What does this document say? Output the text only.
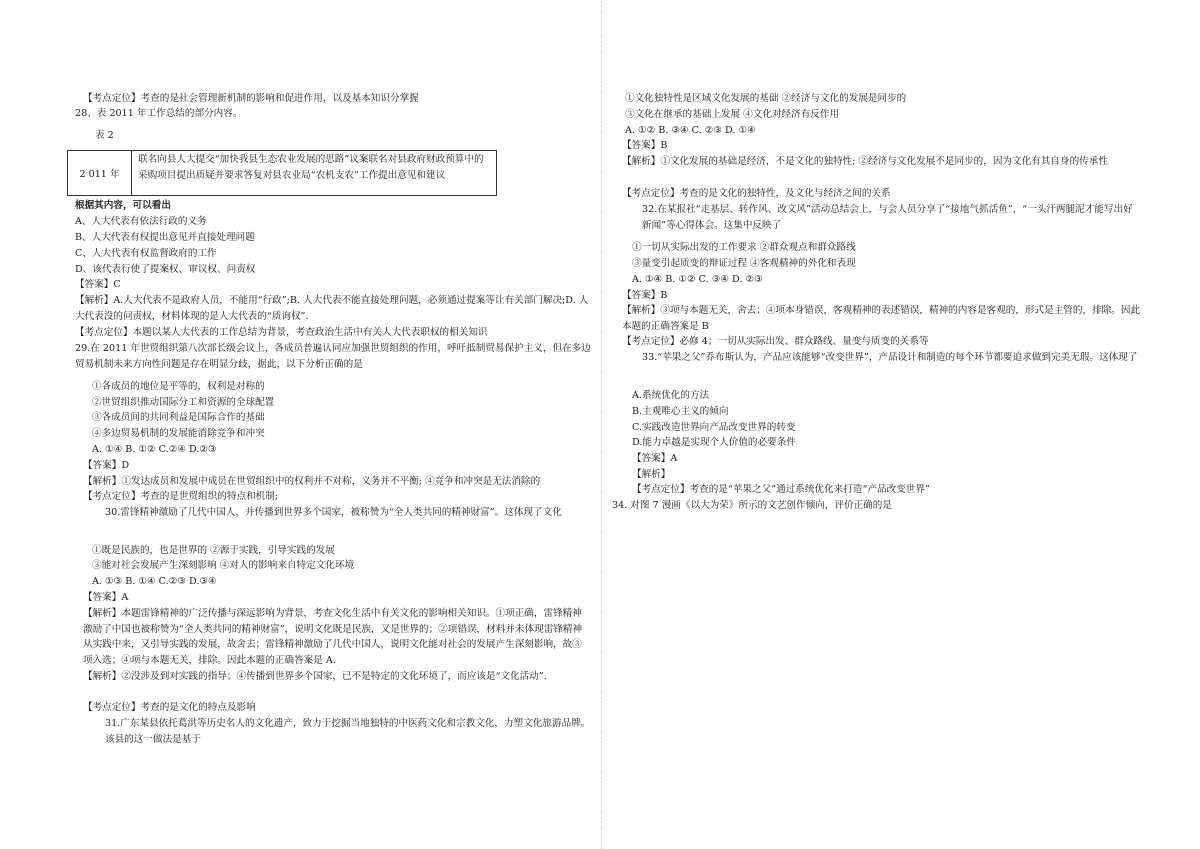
【考点定位】考查的是社会管理新机制的影响和促进作用，以及基本知识分掌握
28、表 2011 年工作总结的部分内容。
表 2
2 011 年
联名向县人大提交“加快我县生态农业发展的思路”议案联名对县政府财政预算中的采购项目提出质疑并要求答复对县农业局“农机支农”工作提出意见和建议
根据其内容，可以看出
A、人大代表有依法行政的义务
B、人大代表有权提出意见并直接处理问题
C、人大代表有权监督政府的工作
D、该代表行使了提案权、审议权、问责权
【答案】C
【解析】A.人大代表不是政府人员，不能用“行政”;B. 人大代表不能直接处理问题，必须通过提案等让有关部门解决;D. 人大代表没的问责权，材料体现的是人大代表的“质询权”.
【考点定位】本题以某人大代表的工作总结为背景，考查政治生活中有关人大代表职权的相关知识
29.在 2011 年世贸组织第八次部长级会议上，各成员普遍认同应加强世贸组织的作用，呼吁抵制贸易保护主义，但在多边贸易机制未来方向性问题是存在明显分歧，据此，以下分析正确的是
①各成员的地位是平等的，权利是对称的
②世贸组织推动国际分工和资源的全球配置
③各成员间的共同利益是国际合作的基础
④多边贸易机制的发展能消除竞争和冲突
A. ①④ B. ①② C.②④ D.②③
【答案】D
【解析】①发达成员和发展中成员在世贸组织中的权利并不对称，义务并不平衡; ④竞争和冲突是无法消除的
【考点定位】考查的是世贸组织的特点和机制;
30.雷锋精神激励了几代中国人，并传播到世界多个国家，被称赞为“全人类共同的精神财富”。这体现了文化
①既是民族的，也是世界的 ②源于实践，引导实践的发展
③能对社会发展产生深刻影响 ④对人的影响来自特定文化环境
A. ①③ B. ①④ C.②③ D.③④
【答案】A
【解析】本题雷锋精神的广泛传播与深远影响为背景，考查文化生活中有关文化的影响相关知识。①项正确，雷锋精神激励了中国也被称赞为“全人类共同的精神财富”，说明文化既是民族，又是世界的；②项错误，材料并未体现雷锋精神从实践中来，又引导实践的发展，故舍去；雷锋精神激励了几代中国人，说明文化能对社会的发展产生深刻影响，故③项入选；④项与本题无关，排除。因此本题的正确答案是 A.
【解析】②没涉及到对实践的指导；④传播到世界多个国家，已不是特定的文化环境了，而应该是“文化活动”.
【考点定位】考查的是文化的特点及影响
31.广东某县依托葛洪等历史名人的文化遗产，致力于挖掘当地独特的中医药文化和宗教文化，力塑文化旅游品牌。该县的这一做法是基于
①文化独特性是区域文化发展的基础 ②经济与文化的发展是同步的
③文化在继承的基础上发展 ④文化对经济有反作用
A. ①② B. ③④ C. ②③ D. ①④
【答案】B
【解析】①文化发展的基础是经济，不是文化的独特性; ②经济与文化发展不是同步的，因为文化有其自身的传承性
【考点定位】考查的是文化的独特性，及文化与经济之间的关系
32.在某报社“走基层、转作风、改文风”活动总结会上，与会人员分享了“接地气抓活鱼”，“一头汗两腿泥才能写出好新闻”等心得体会。这集中反映了
①一切从实际出发的工作要求 ②群众观点和群众路线
③量变引起质变的辩证过程 ④客观精神的外化和表现
A. ①④ B. ①② C. ③④ D. ②③
【答案】B
【解析】③项与本题无关，舍去；④项本身错误，客观精神的表述错误，精神的内容是客观的，形式是主管的，排除。因此本题的正确答案是 B
【考点定位】必修 4；一切从实际出发、群众路线、量变与质变的关系等
33.“苹果之父”乔布斯认为，产品应该能够“改变世界”，产品设计和制造的每个环节都要追求做到完美无瑕。这体现了
A.系统优化的方法
B.主观唯心主义的倾向
C.实践改造世界向产品改变世界的转变
D.能力卓越是实现个人价值的必要条件
【答案】A
【解析】
【考点定位】考查的是“苹果之父”通过系统优化来打造“产品改变世界”
34. 对图 7 漫画《以大为荣》所示的文艺创作倾向，评价正确的是
